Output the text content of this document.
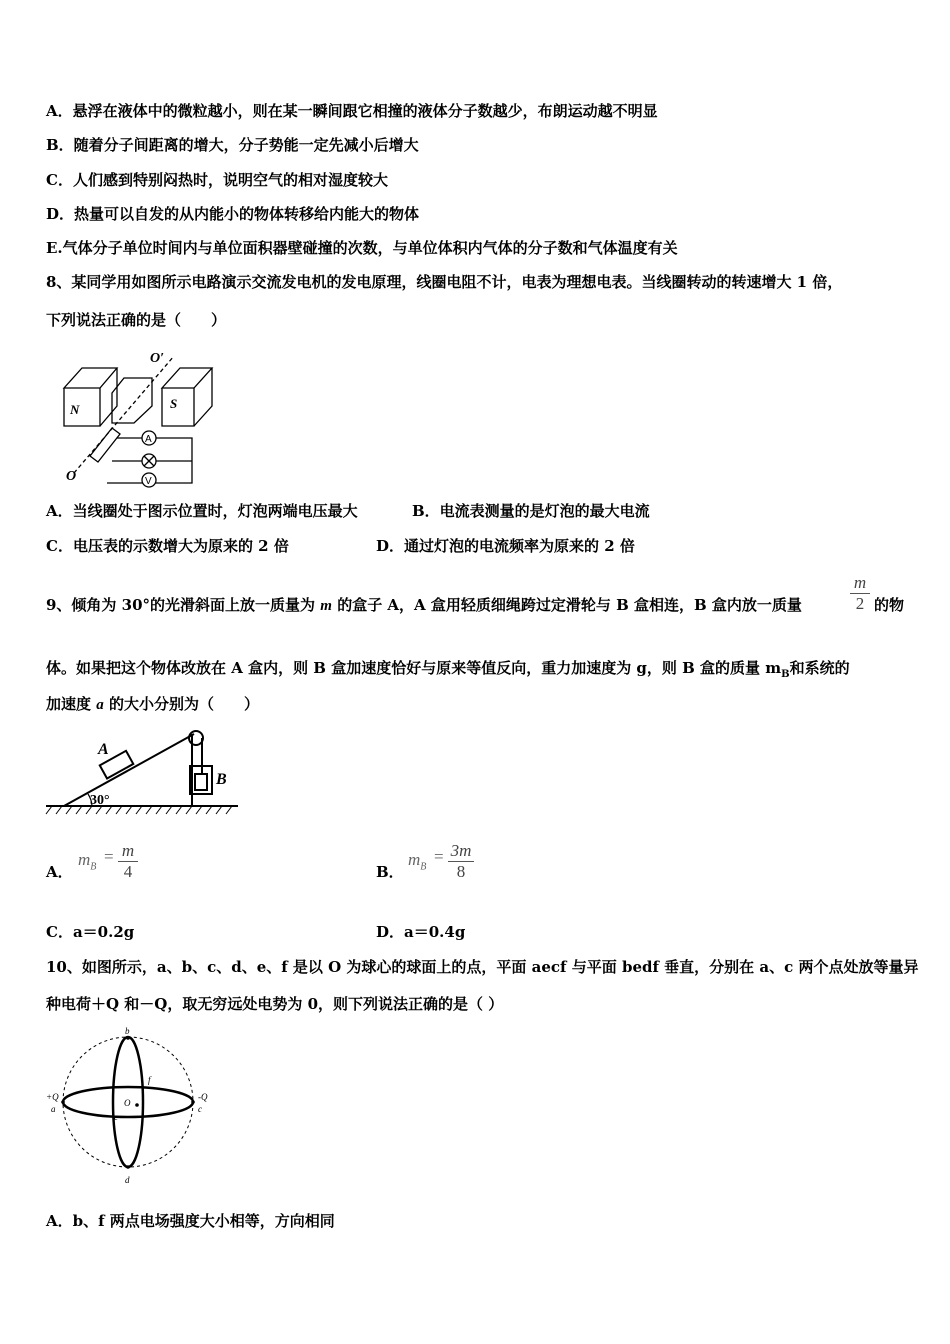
A．悬浮在液体中的微粒越小，则在某一瞬间跟它相撞的液体分子数越少，布朗运动越不明显
B．随着分子间距离的增大，分子势能一定先减小后增大
C．人们感到特别闷热时，说明空气的相对湿度较大
D．热量可以自发的从内能小的物体转移给内能大的物体
E.气体分子单位时间内与单位面积器壁碰撞的次数，与单位体积内气体的分子数和气体温度有关
8、某同学用如图所示电路演示交流发电机的发电原理，线圈电阻不计，电表为理想电表。当线圈转动的转速增大 1 倍，
下列说法正确的是（　　）
N	S
O′
O
A
V
A．当线圈处于图示位置时，灯泡两端电压最大	B．电流表测量的是灯泡的最大电流
C．电压表的示数增大为原来的 2 倍	D．通过灯泡的电流频率为原来的 2 倍
9、倾角为 30°的光滑斜面上放一质量为 m 的盒子 A，A 盒用轻质细绳跨过定滑轮与 B 盒相连，B 盒内放一质量
m
2 的物
体。如果把这个物体改放在 A 盒内，则 B 盒加速度恰好与原来等值反向，重力加速度为 g，则 B 盒的质量 $m_B$和系统的
加速度 a 的大小分别为（　　）
A
B
30°
A．
$m_B$
= m
4	B．
$m_B$
= 3m
8
C．a＝0.2g	D．a＝0.4g
10、如图所示，a、b、c、d、e、f 是以 O 为球心的球面上的点，平面 aecf 与平面 bedf 垂直，分别在 a、c 两个点处放等量异
种电荷＋Q 和－Q，取无穷远处电势为 0，则下列说法正确的是（ ）
b
d
f
O
e
a	c
+Q	-Q
A．b、f 两点电场强度大小相等，方向相同
